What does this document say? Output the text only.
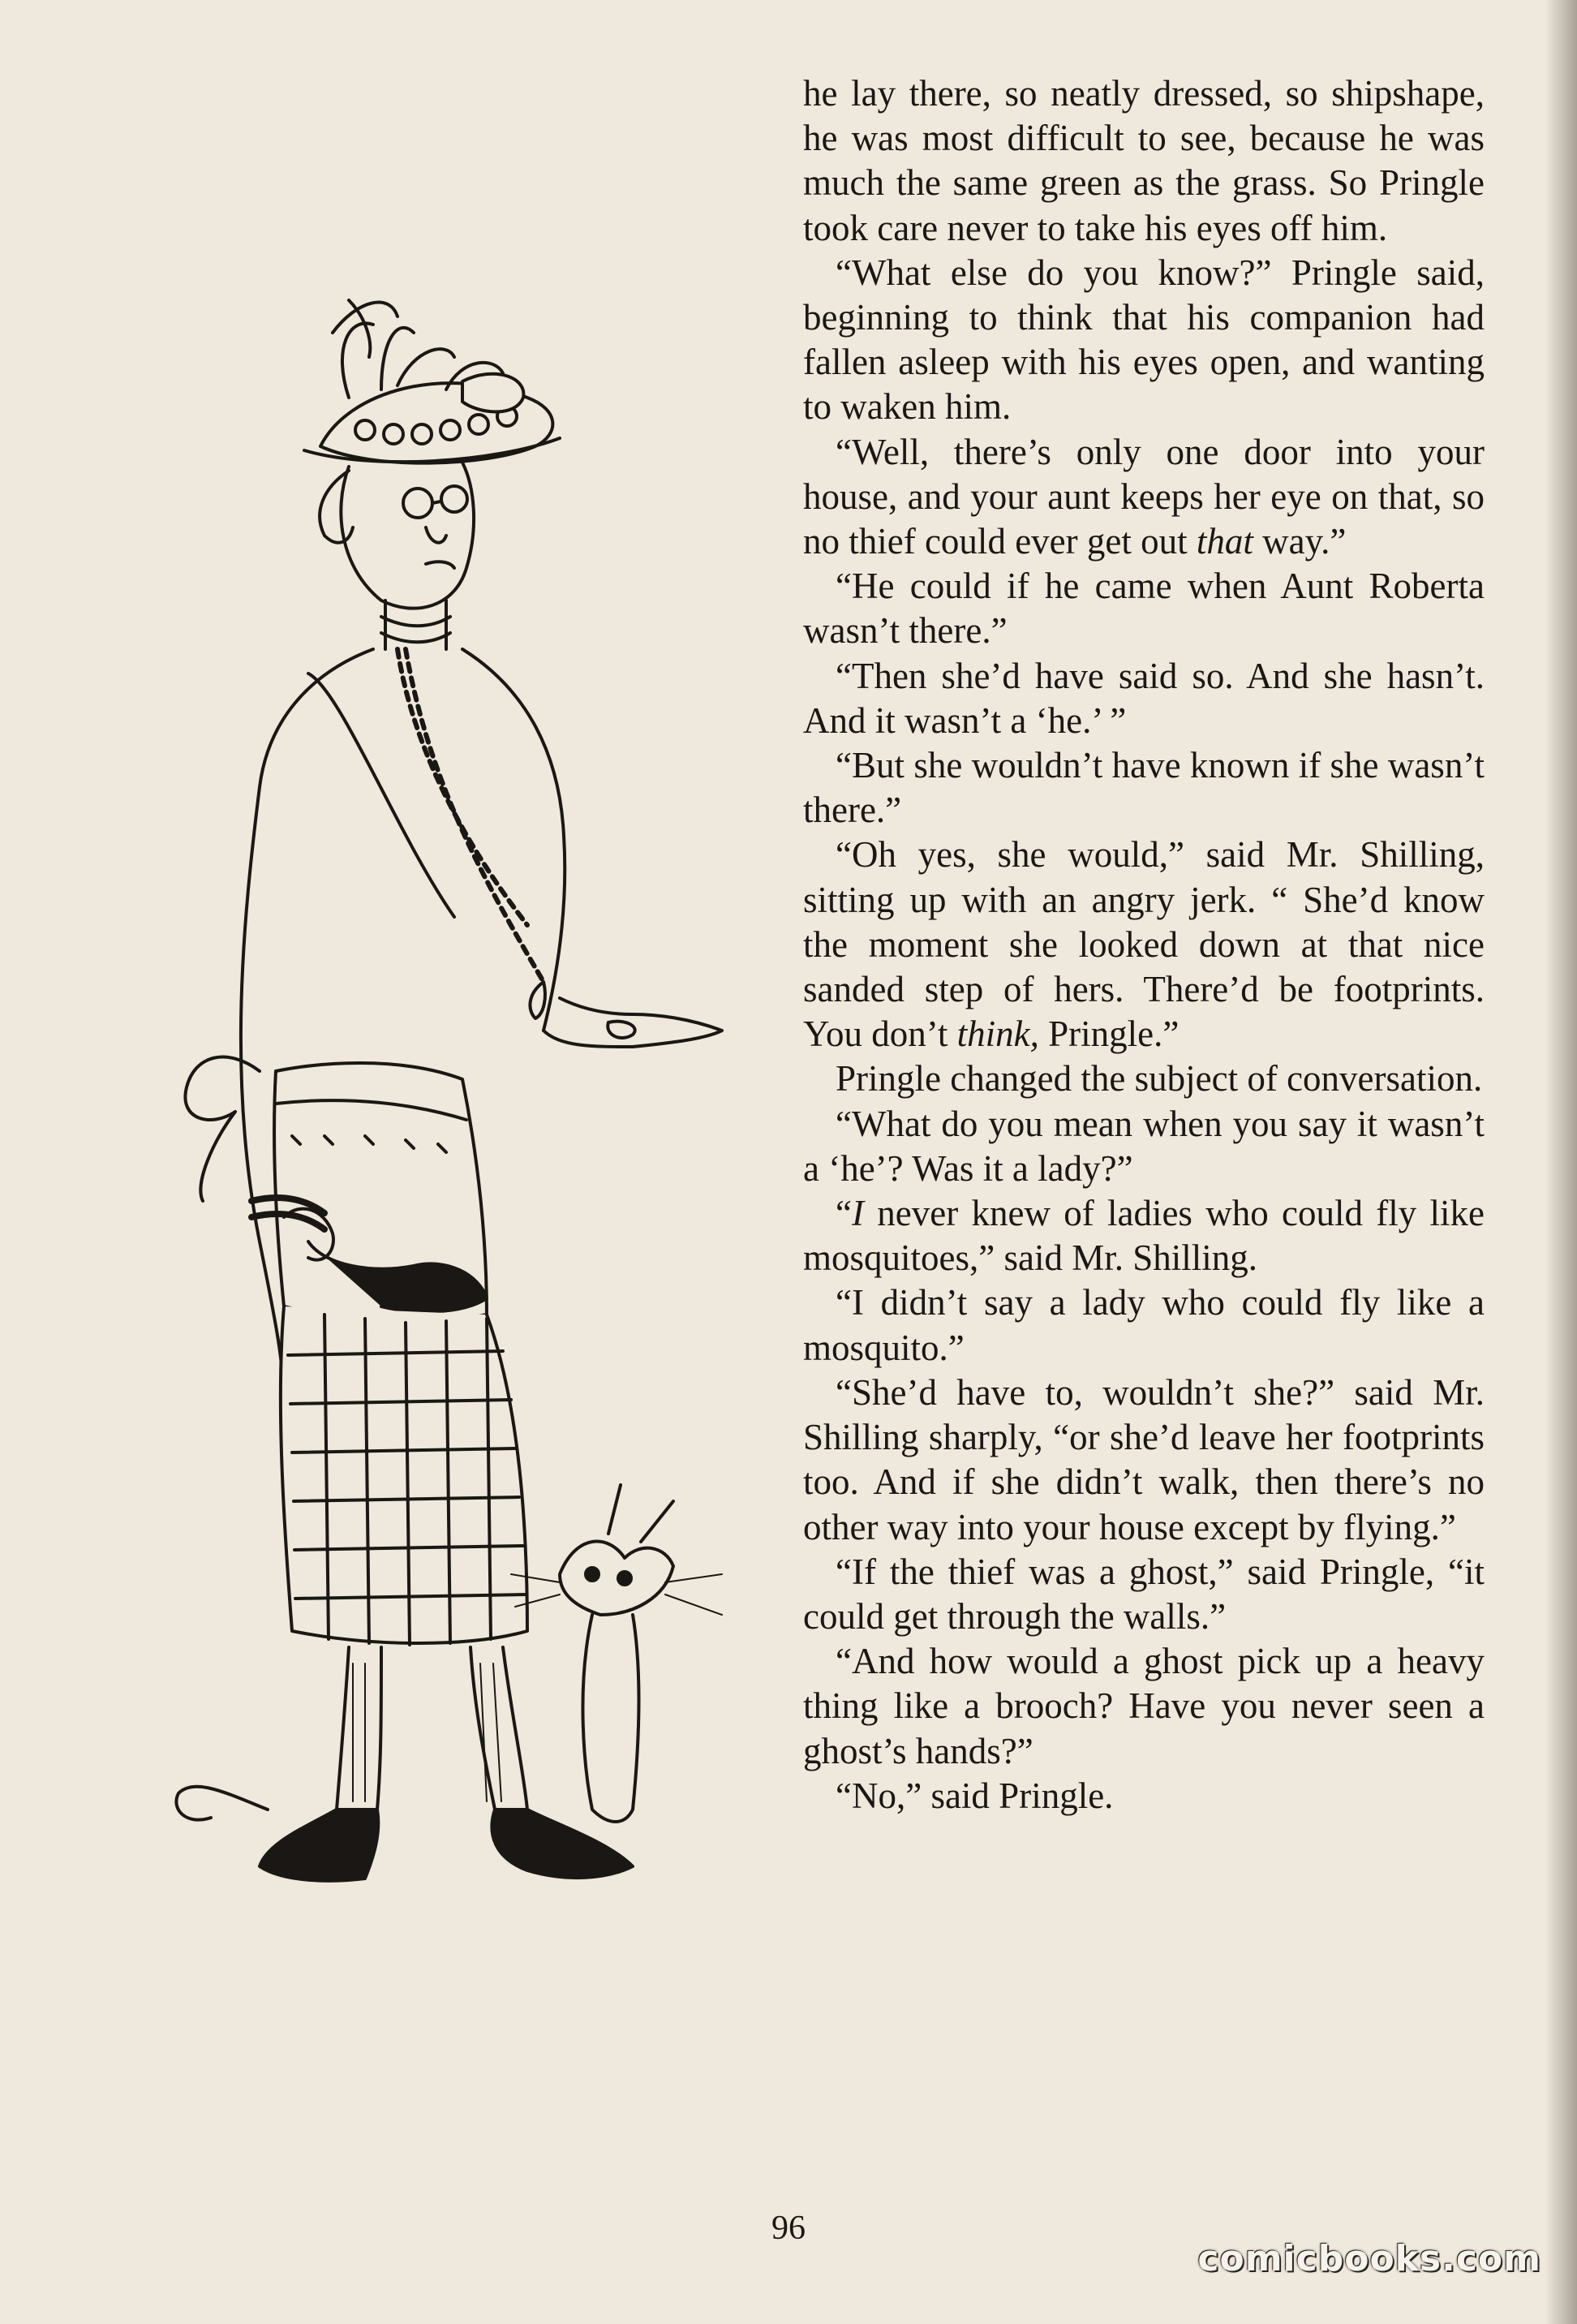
he lay there, so neatly dressed, so shipshape, he was most difficult to see, because he was much the same green as the grass. So Pringle took care never to take his eyes off him.

“What else do you know?” Pringle said, beginning to think that his companion had fallen asleep with his eyes open, and wanting to waken him.

“Well, there’s only one door into your house, and your aunt keeps her eye on that, so no thief could ever get out that way.”

“He could if he came when Aunt Roberta wasn’t there.”

“Then she’d have said so. And she hasn’t. And it wasn’t a ‘he.’ ”

“But she wouldn’t have known if she wasn’t there.”

“Oh yes, she would,” said Mr. Shilling, sitting up with an angry jerk. “ She’d know the moment she looked down at that nice sanded step of hers. There’d be footprints. You don’t think, Pringle.”

Pringle changed the subject of conversation.

“What do you mean when you say it wasn’t a ‘he’? Was it a lady?”

“I never knew of ladies who could fly like mosquitoes,” said Mr. Shilling.

“I didn’t say a lady who could fly like a mosquito.”

“She’d have to, wouldn’t she?” said Mr. Shilling sharply, “or she’d leave her footprints too. And if she didn’t walk, then there’s no other way into your house except by flying.”

“If the thief was a ghost,” said Pringle, “it could get through the walls.”

“And how would a ghost pick up a heavy thing like a brooch? Have you never seen a ghost’s hands?”

“No,” said Pringle.

96
comicbooks.com
